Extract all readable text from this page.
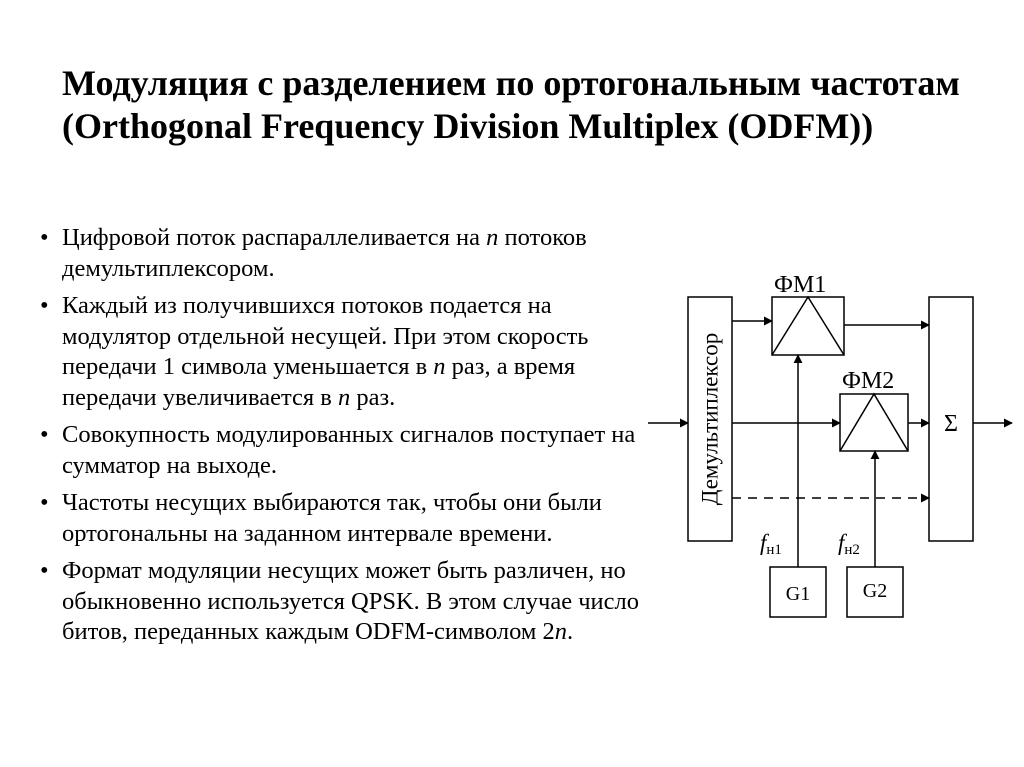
Модуляция с разделением по ортогональным частотам (Orthogonal Frequency Division Multiplex (ODFM))
• Цифровой поток распараллеливается на n потоков демультиплексором.
• Каждый из получившихся потоков подается на модулятор отдельной несущей. При этом скорость передачи 1 символа уменьшается в n раз, а время передачи увеличивается в n раз.
• Совокупность модулированных сигналов поступает на сумматор на выходе.
• Частоты несущих выбираются так, чтобы они были ортогональны на заданном интервале времени.
• Формат модуляции несущих может быть различен, но обыкновенно используется QPSK. В этом случае число битов, переданных каждым ODFM-символом 2n.
Демультиплексор
ФМ1
ФМ2
Σ
G1	G2
fн1 fн2
